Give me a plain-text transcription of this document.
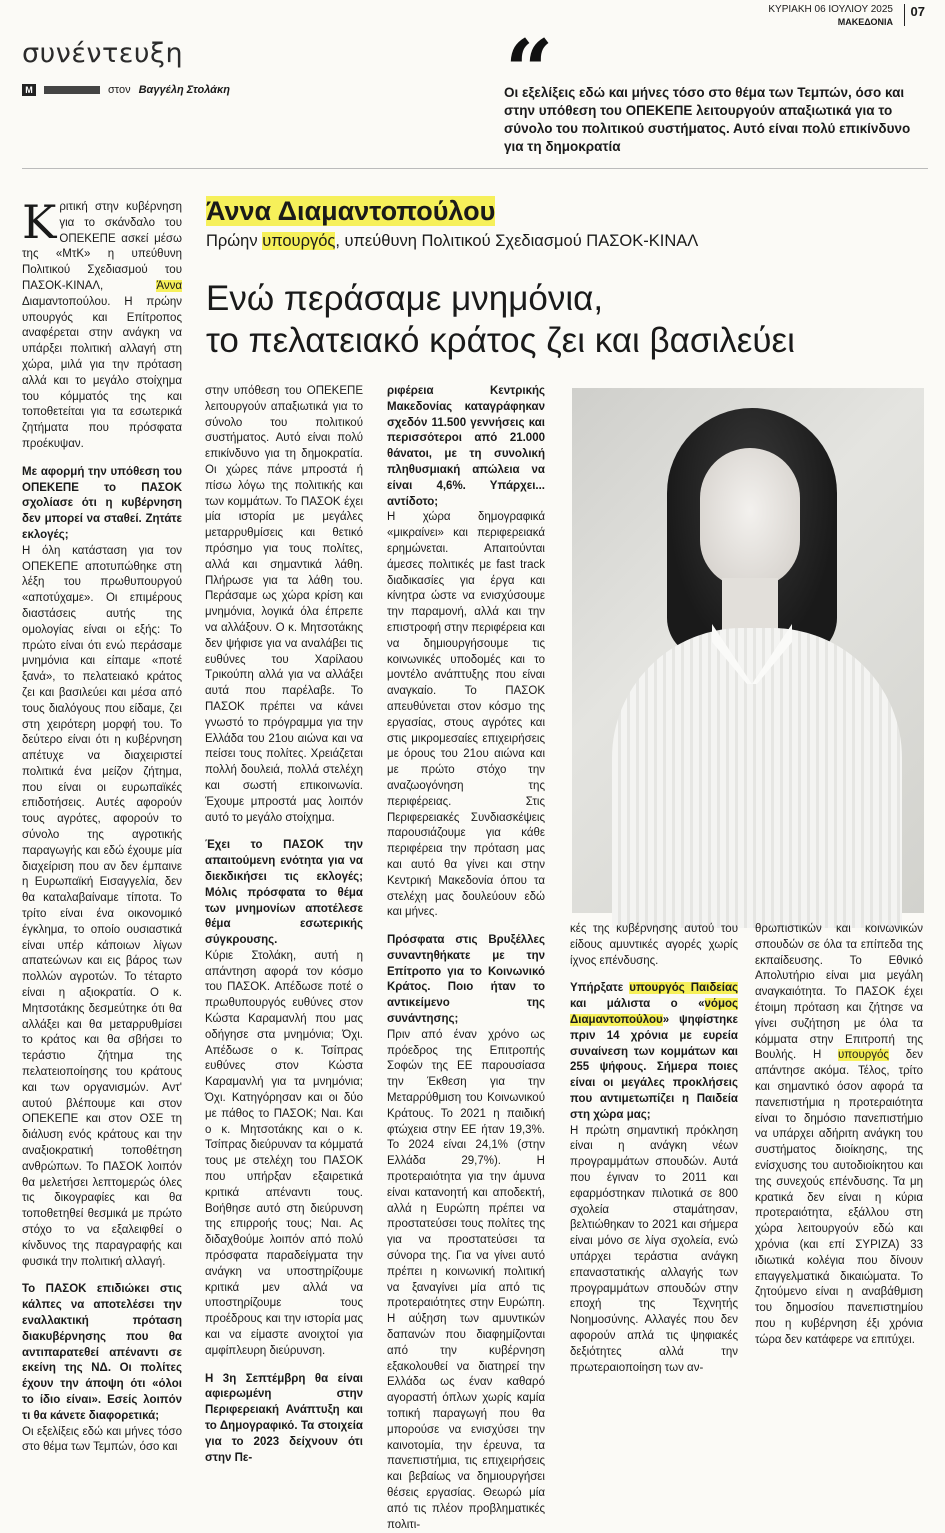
ΚΥΡΙΑΚΗ 06 ΙΟΥΛΙΟΥ 2025
ΜΑΚΕΔΟΝΙΑ
07
συνέντευξη
M	στον Βαγγέλη Στολάκη	“
Οι εξελίξεις εδώ και μήνες τόσο στο θέμα των Τεμπών, όσο και στην υπόθεση του ΟΠΕΚΕΠΕ λειτουργούν απαξιωτικά για το σύνολο του πολιτικού συστήματος. Αυτό είναι πολύ επικίνδυνο για τη δημοκρατία
Άννα Διαμαντοπούλου
Πρώην υπουργός, υπεύθυνη Πολιτικού Σχεδιασμού ΠΑΣΟΚ-ΚΙΝΑΛ
Ενώ περάσαμε μνημόνια,
το πελατειακό κράτος ζει και βασιλεύει

Κριτική στην κυβέρνηση για το σκάνδαλο του ΟΠΕΚΕΠΕ ασκεί μέσω της «ΜτΚ» η υπεύθυνη Πολιτικού Σχεδιασμού του ΠΑΣΟΚ-ΚΙΝΑΛ, Άννα Διαμαντοπούλου. Η πρώην υπουργός και Επίτροπος αναφέρεται στην ανάγκη να υπάρξει πολιτική αλλαγή στη χώρα, μιλά για την πρόταση αλλά και το μεγάλο στοίχημα του κόμματός της και τοποθετείται για τα εσωτερικά ζητήματα που πρόσφατα προέκυψαν.

Με αφορμή την υπόθεση του ΟΠΕΚΕΠΕ το ΠΑΣΟΚ σχολίασε ότι η κυβέρνηση δεν μπορεί να σταθεί. Ζητάτε εκλογές;

Η όλη κατάσταση για τον ΟΠΕΚΕΠΕ αποτυπώθηκε στη λέξη του πρωθυπουργού «αποτύχαμε». Οι επιμέρους διαστάσεις αυτής της ομολογίας είναι οι εξής: Το πρώτο είναι ότι ενώ περάσαμε μνημόνια και είπαμε «ποτέ ξανά», το πελατειακό κράτος ζει και βασιλεύει και μέσα από τους διαλόγους που είδαμε, ζει στη χειρότερη μορφή του. Το δεύτερο είναι ότι η κυβέρνηση απέτυχε να διαχειριστεί πολιτικά ένα μείζον ζήτημα, που είναι οι ευρωπαϊκές επιδοτήσεις. Αυτές αφορούν τους αγρότες, αφορούν το σύνολο της αγροτικής παραγωγής και εδώ έχουμε μία διαχείριση που αν δεν έμπαινε η Ευρωπαϊκή Εισαγγελία, δεν θα καταλαβαίναμε τίποτα. Το τρίτο είναι ένα οικονομικό έγκλημα, το οποίο ουσιαστικά είναι υπέρ κάποιων λίγων απατεώνων και εις βάρος των πολλών αγροτών. Το τέταρτο είναι η αξιοκρατία. Ο κ. Μητσοτάκης δεσμεύτηκε ότι θα αλλάξει και θα μεταρρυθμίσει το κράτος και θα σβήσει το τεράστιο ζήτημα της πελατειοποίησης του κράτους και των οργανισμών. Αντ' αυτού βλέπουμε και στον ΟΠΕΚΕΠΕ και στον ΟΣΕ τη διάλυση ενός κράτους και την αναξιοκρατική τοποθέτηση ανθρώπων. Το ΠΑΣΟΚ λοιπόν θα μελετήσει λεπτομερώς όλες τις δικογραφίες και θα τοποθετηθεί θεσμικά με πρώτο στόχο το να εξαλειφθεί ο κίνδυνος της παραγραφής και φυσικά την πολιτική αλλαγή.

Το ΠΑΣΟΚ επιδιώκει στις κάλπες να αποτελέσει την εναλλακτική πρόταση διακυβέρνησης που θα αντιπαρατεθεί απέναντι σε εκείνη της ΝΔ. Οι πολίτες έχουν την άποψη ότι «όλοι το ίδιο είναι». Εσείς λοιπόν τι θα κάνετε διαφορετικά;

Οι εξελίξεις εδώ και μήνες τόσο στο θέμα των Τεμπών, όσο και

στην υπόθεση του ΟΠΕΚΕΠΕ λειτουργούν απαξιωτικά για το σύνολο του πολιτικού συστήματος. Αυτό είναι πολύ επικίνδυνο για τη δημοκρατία. Οι χώρες πάνε μπροστά ή πίσω λόγω της πολιτικής και των κομμάτων. Το ΠΑΣΟΚ έχει μία ιστορία με μεγάλες μεταρρυθμίσεις και θετικό πρόσημο για τους πολίτες, αλλά και σημαντικά λάθη. Πλήρωσε για τα λάθη του. Περάσαμε ως χώρα κρίση και μνημόνια, λογικά όλα έπρεπε να αλλάξουν. Ο κ. Μητσοτάκης δεν ψήφισε για να αναλάβει τις ευθύνες του Χαρίλαου Τρικούπη αλλά για να αλλάξει αυτά που παρέλαβε. Το ΠΑΣΟΚ πρέπει να κάνει γνωστό το πρόγραμμα για την Ελλάδα του 21ου αιώνα και να πείσει τους πολίτες. Χρειάζεται πολλή δουλειά, πολλά στελέχη και σωστή επικοινωνία. Έχουμε μπροστά μας λοιπόν αυτό το μεγάλο στοίχημα.

Έχει το ΠΑΣΟΚ την απαιτούμενη ενότητα για να διεκδικήσει τις εκλογές; Μόλις πρόσφατα το θέμα των μνημονίων αποτέλεσε θέμα εσωτερικής σύγκρουσης.

Κύριε Στολάκη, αυτή η απάντηση αφορά τον κόσμο του ΠΑΣΟΚ. Απέδωσε ποτέ ο πρωθυπουργός ευθύνες στον Κώστα Καραμανλή που μας οδήγησε στα μνημόνια; Όχι. Απέδωσε ο κ. Τσίπρας ευθύνες στον Κώστα Καραμανλή για τα μνημόνια; Όχι. Κατηγόρησαν και οι δύο με πάθος το ΠΑΣΟΚ; Ναι. Και ο κ. Μητσοτάκης και ο κ. Τσίπρας διεύρυναν τα κόμματά τους με στελέχη του ΠΑΣΟΚ που υπήρξαν εξαιρετικά κριτικά απέναντι τους. Βοήθησε αυτό στη διεύρυνση της επιρροής τους; Ναι. Ας διδαχθούμε λοιπόν από πολύ πρόσφατα παραδείγματα την ανάγκη να υποστηρίζουμε κριτικά μεν αλλά να υποστηρίζουμε τους προέδρους και την ιστορία μας και να είμαστε ανοιχτοί για αμφίπλευρη διεύρυνση.

Η 3η Σεπτέμβρη θα είναι αφιερωμένη στην Περιφερειακή Ανάπτυξη και το Δημογραφικό. Τα στοιχεία για το 2023 δείχνουν ότι στην Πε-

ριφέρεια Κεντρικής Μακεδονίας καταγράφηκαν σχεδόν 11.500 γεννήσεις και περισσότεροι από 21.000 θάνατοι, με τη συνολική πληθυσμιακή απώλεια να είναι 4,6%. Υπάρχει... αντίδοτο;

Η χώρα δημογραφικά «μικραίνει» και περιφερειακά ερημώνεται. Απαιτούνται άμεσες πολιτικές με fast track διαδικασίες για έργα και κίνητρα ώστε να ενισχύσουμε την παραμονή, αλλά και την επιστροφή στην περιφέρεια και να δημιουργήσουμε τις κοινωνικές υποδομές και το μοντέλο ανάπτυξης που είναι αναγκαίο. Το ΠΑΣΟΚ απευθύνεται στον κόσμο της εργασίας, στους αγρότες και στις μικρομεσαίες επιχειρήσεις με όρους του 21ου αιώνα και με πρώτο στόχο την αναζωογόνηση της περιφέρειας. Στις Περιφερειακές Συνδιασκέψεις παρουσιάζουμε για κάθε περιφέρεια την πρόταση μας και αυτό θα γίνει και στην Κεντρική Μακεδονία όπου τα στελέχη μας δουλεύουν εδώ και μήνες.

Πρόσφατα στις Βρυξέλλες συναντηθήκατε με την Επίτροπο για το Κοινωνικό Κράτος. Ποιο ήταν το αντικείμενο της συνάντησης;

Πριν από έναν χρόνο ως πρόεδρος της Επιτροπής Σοφών της ΕΕ παρουσίασα την Έκθεση για την Μεταρρύθμιση του Κοινωνικού Κράτους. Το 2021 η παιδική φτώχεια στην ΕΕ ήταν 19,3%. Το 2024 είναι 24,1% (στην Ελλάδα 29,7%). Η προτεραιότητα για την άμυνα είναι κατανοητή και αποδεκτή, αλλά η Ευρώπη πρέπει να προστατεύσει τους πολίτες της για να προστατεύσει τα σύνορα της. Για να γίνει αυτό πρέπει η κοινωνική πολιτική να ξαναγίνει μία από τις προτεραιότητες στην Ευρώπη. Η αύξηση των αμυντικών δαπανών που διαφημίζονται από την κυβέρνηση εξακολουθεί να διατηρεί την Ελλάδα ως έναν καθαρό αγοραστή όπλων χωρίς καμία τοπική παραγωγή που θα μπορούσε να ενισχύσει την καινοτομία, την έρευνα, τα πανεπιστήμια, τις επιχειρήσεις και βεβαίως να δημιουργήσει θέσεις εργασίας. Θεωρώ μία από τις πλέον προβληματικές πολιτι-

κές της κυβέρνησης αυτού του είδους αμυντικές αγορές χωρίς ίχνος επένδυσης.

Υπήρξατε υπουργός Παιδείας και μάλιστα ο «νόμος Διαμαντοπούλου» ψηφίστηκε πριν 14 χρόνια με ευρεία συναίνεση των κομμάτων και 255 ψήφους. Σήμερα ποιες είναι οι μεγάλες προκλήσεις που αντιμετωπίζει η Παιδεία στη χώρα μας;

Η πρώτη σημαντική πρόκληση είναι η ανάγκη νέων προγραμμάτων σπουδών. Αυτά που έγιναν το 2011 και εφαρμόστηκαν πιλοτικά σε 800 σχολεία σταμάτησαν, βελτιώθηκαν το 2021 και σήμερα είναι μόνο σε λίγα σχολεία, ενώ υπάρχει τεράστια ανάγκη επαναστατικής αλλαγής των προγραμμάτων σπουδών στην εποχή της Τεχνητής Νοημοσύνης. Αλλαγές που δεν αφορούν απλά τις ψηφιακές δεξιότητες αλλά την πρωτεραιοποίηση των αν-

θρωπιστικών και κοινωνικών σπουδών σε όλα τα επίπεδα της εκπαίδευσης. Το Εθνικό Απολυτήριο είναι μια μεγάλη αναγκαιότητα. Το ΠΑΣΟΚ έχει έτοιμη πρόταση και ζήτησε να γίνει συζήτηση με όλα τα κόμματα στην Επιτροπή της Βουλής. Η υπουργός δεν απάντησε ακόμα. Τέλος, τρίτο και σημαντικό όσον αφορά τα πανεπιστήμια η προτεραιότητα είναι το δημόσιο πανεπιστήμιο να υπάρχει αδήριτη ανάγκη του συστήματος διοίκησης, της ενίσχυσης του αυτοδιοίκητου και της συνεχούς επένδυσης. Τα μη κρατικά δεν είναι η κύρια προτεραιότητα, εξάλλου στη χώρα λειτουργούν εδώ και χρόνια (και επί ΣΥΡΙΖΑ) 33 ιδιωτικά κολέγια που δίνουν επαγγελματικά δικαιώματα. Το ζητούμενο είναι η αναβάθμιση του δημοσίου πανεπιστημίου που η κυβέρνηση έξι χρόνια τώρα δεν κατάφερε να επιτύχει.
